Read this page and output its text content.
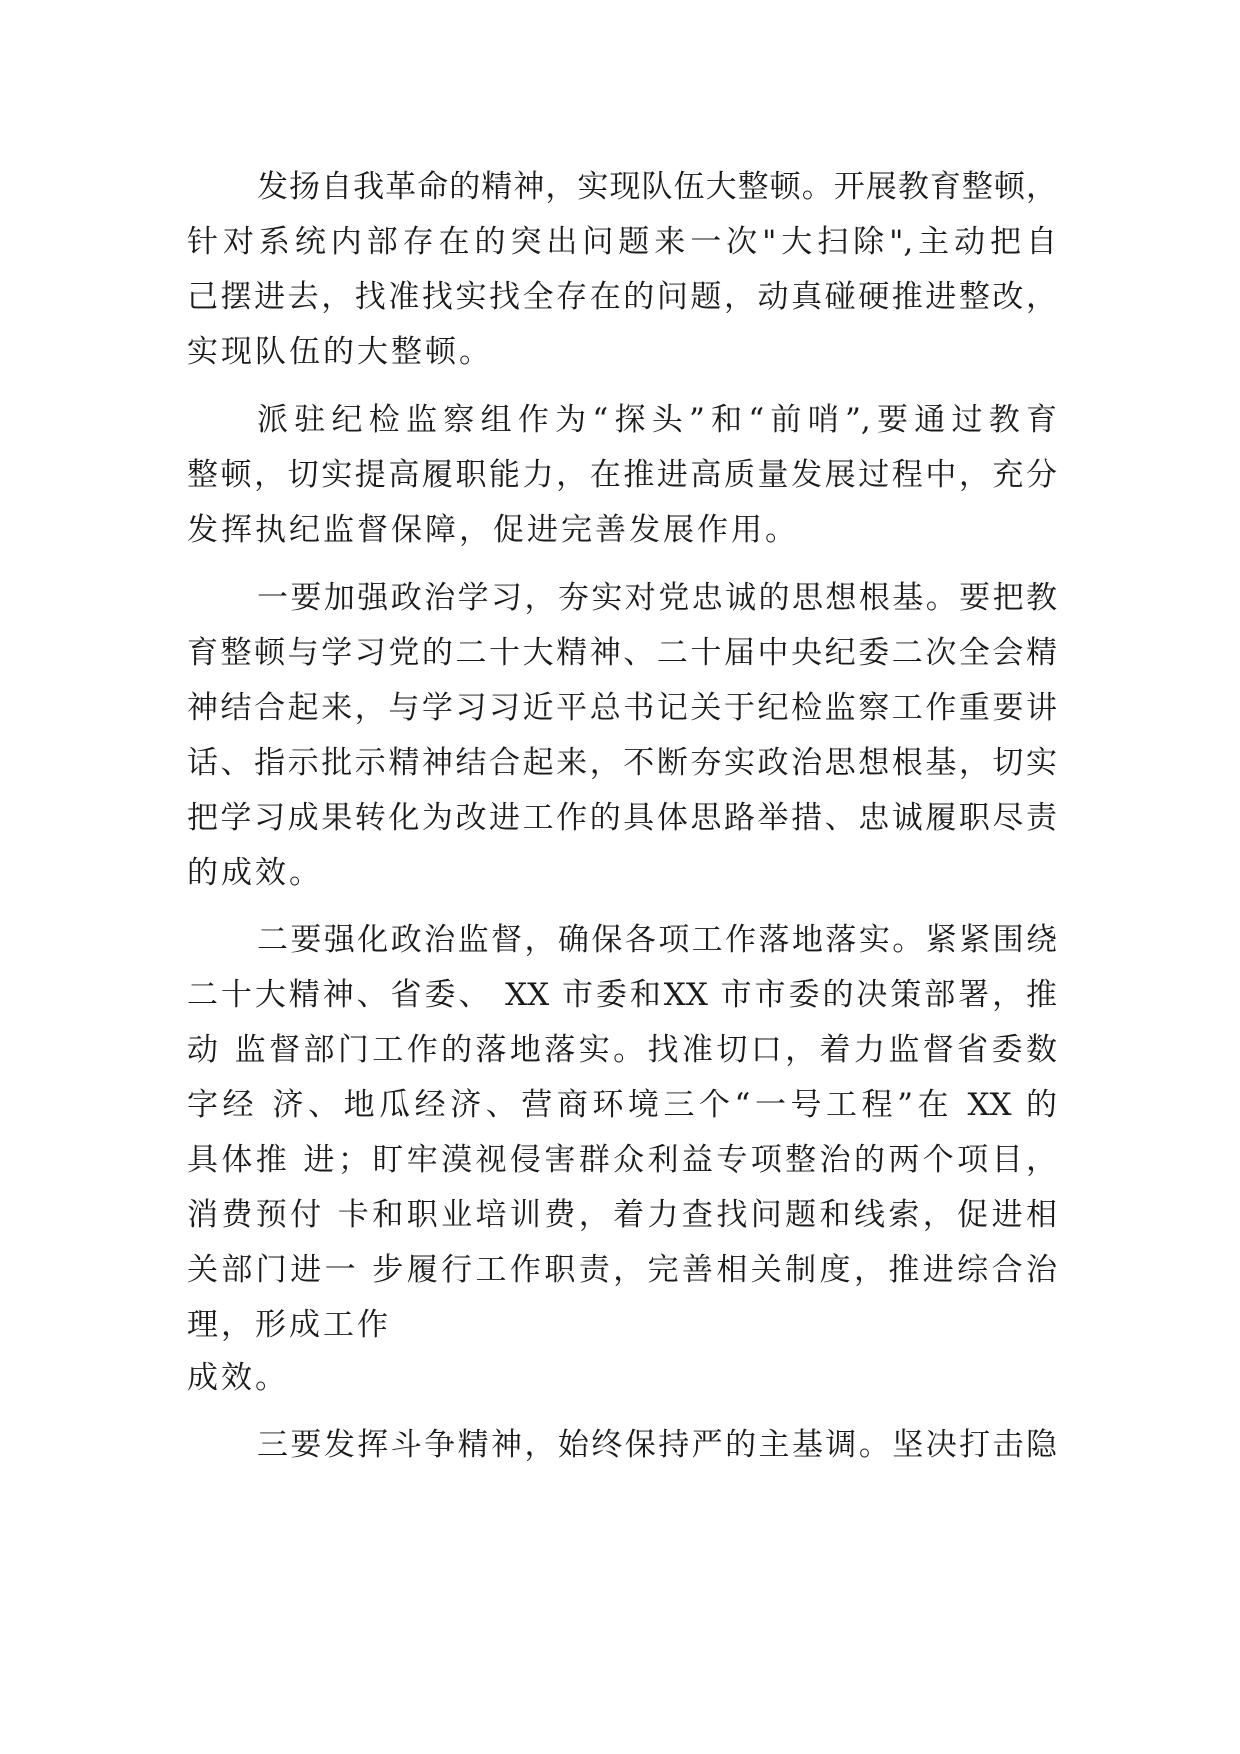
发扬自我革命的精神，实现队伍大整顿。开展教育整顿，
针对系统内部存在的突出问题来一次"大扫除",主动把自
己摆进去，找准找实找全存在的问题，动真碰硬推进整改，
实现队伍的大整顿。
派驻纪检监察组作为“探头”和“前哨”,要通过教育
整顿，切实提高履职能力，在推进高质量发展过程中，充分
发挥执纪监督保障，促进完善发展作用。
一要加强政治学习，夯实对党忠诚的思想根基。要把教
育整顿与学习党的二十大精神、二十届中央纪委二次全会精
神结合起来，与学习习近平总书记关于纪检监察工作重要讲
话、指示批示精神结合起来，不断夯实政治思想根基，切实
把学习成果转化为改进工作的具体思路举措、忠诚履职尽责
的成效。
二要强化政治监督，确保各项工作落地落实。紧紧围绕
二十大精神、省委、 XX 市委和XX 市市委的决策部署，推
动 监督部门工作的落地落实。找准切口，着力监督省委数
字经 济、地瓜经济、营商环境三个“一号工程”在 XX 的
具体推 进；盯牢漠视侵害群众利益专项整治的两个项目，
消费预付 卡和职业培训费，着力查找问题和线索，促进相
关部门进一 步履行工作职责，完善相关制度，推进综合治
理，形成工作
成效。
三要发挥斗争精神，始终保持严的主基调。坚决打击隐
